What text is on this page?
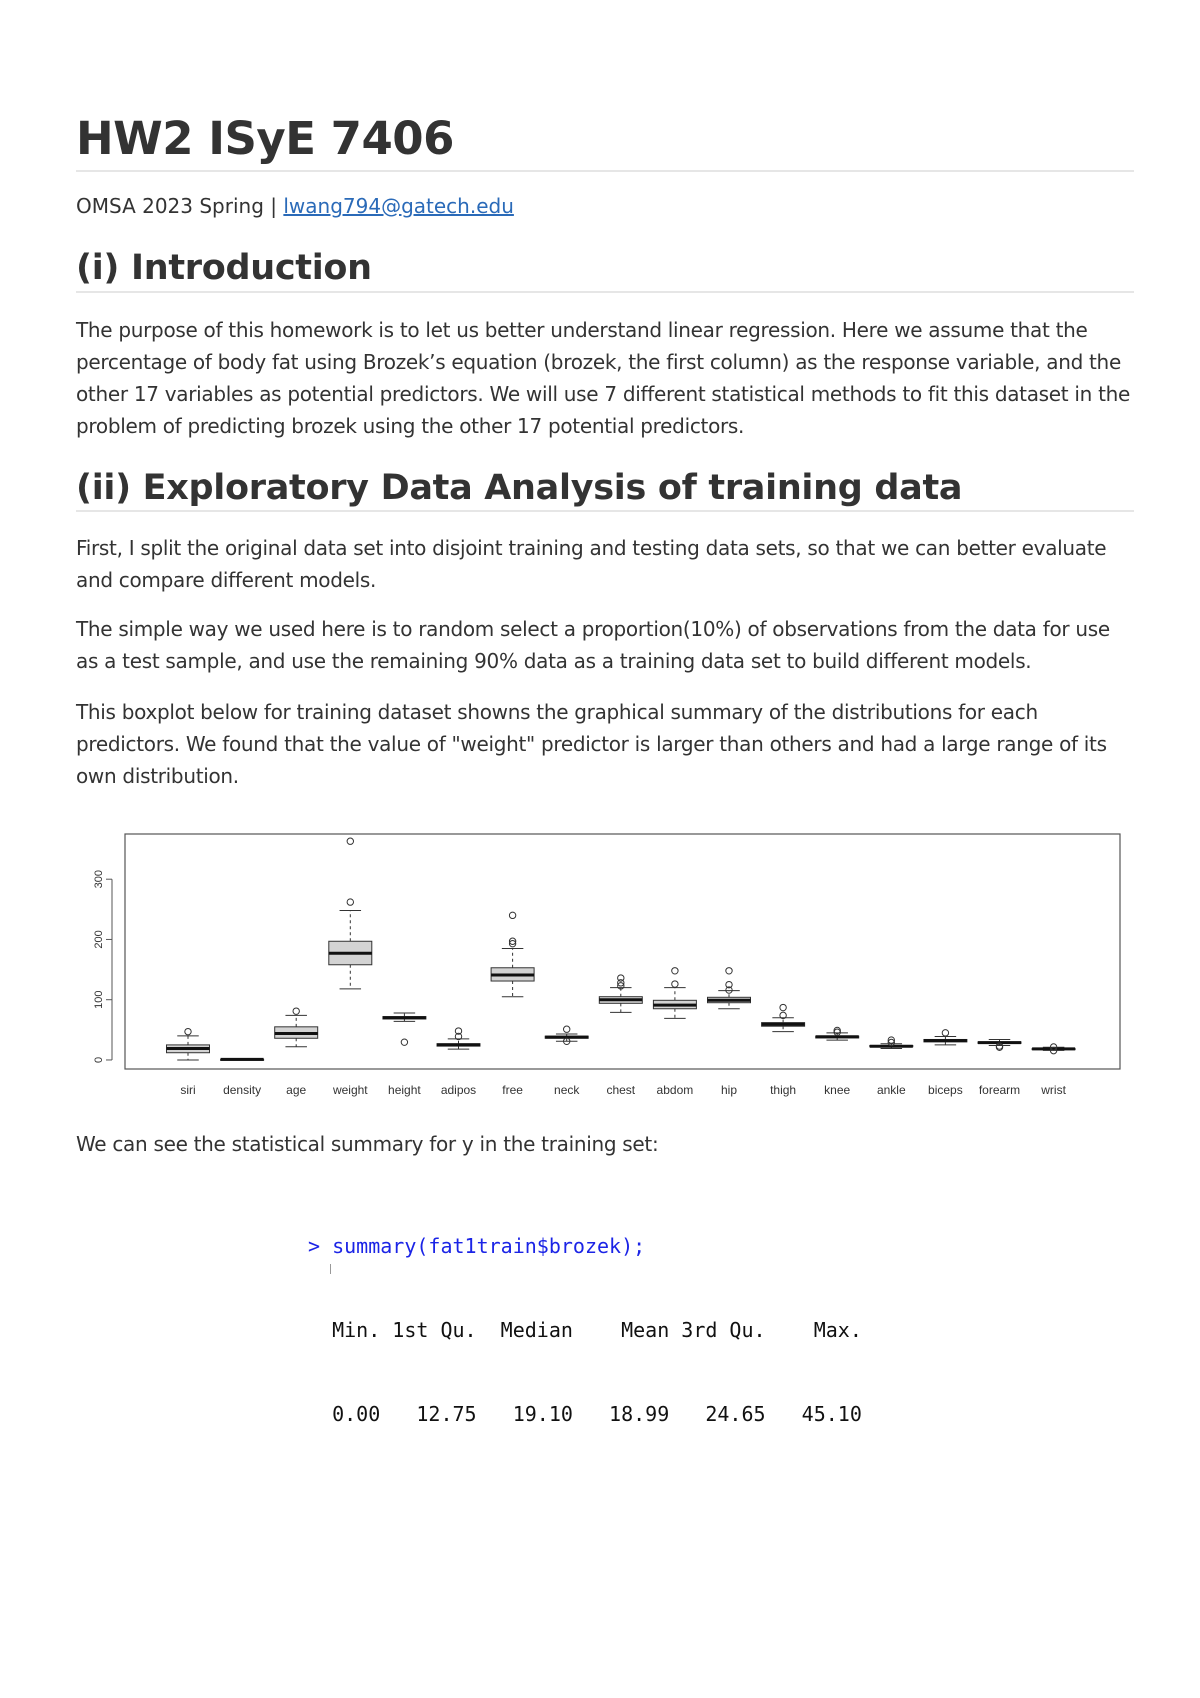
HW2 ISyE 7406
OMSA 2023 Spring | lwang794@gatech.edu
(i) Introduction

The purpose of this homework is to let us better understand linear regression. Here we assume that the percentage of body fat using Brozek’s equation (brozek, the first column) as the response variable, and the other 17 variables as potential predictors. We will use 7 different statistical methods to fit this dataset in the problem of predicting brozek using the other 17 potential predictors.

(ii) Exploratory Data Analysis of training data

First, I split the original data set into disjoint training and testing data sets, so that we can better evaluate and compare different models.

The simple way we used here is to random select a proportion(10%) of observations from the data for use as a test sample, and use the remaining 90% data as a training data set to build different models.

This boxplot below for training dataset showns the graphical summary of the distributions for each predictors. We found that the value of "weight" predictor is larger than others and had a large range of its own distribution.

We can see the statistical summary for y in the training set:

0
100
200
300
siri density age weight height adipos free	neck chest abdom hip	thigh knee ankle biceps forearm wrist

> summary(fat1train$brozek);

Min. 1st Qu.  Median    Mean 3rd Qu.    Max.

0.00   12.75   19.10   18.99   24.65   45.10
